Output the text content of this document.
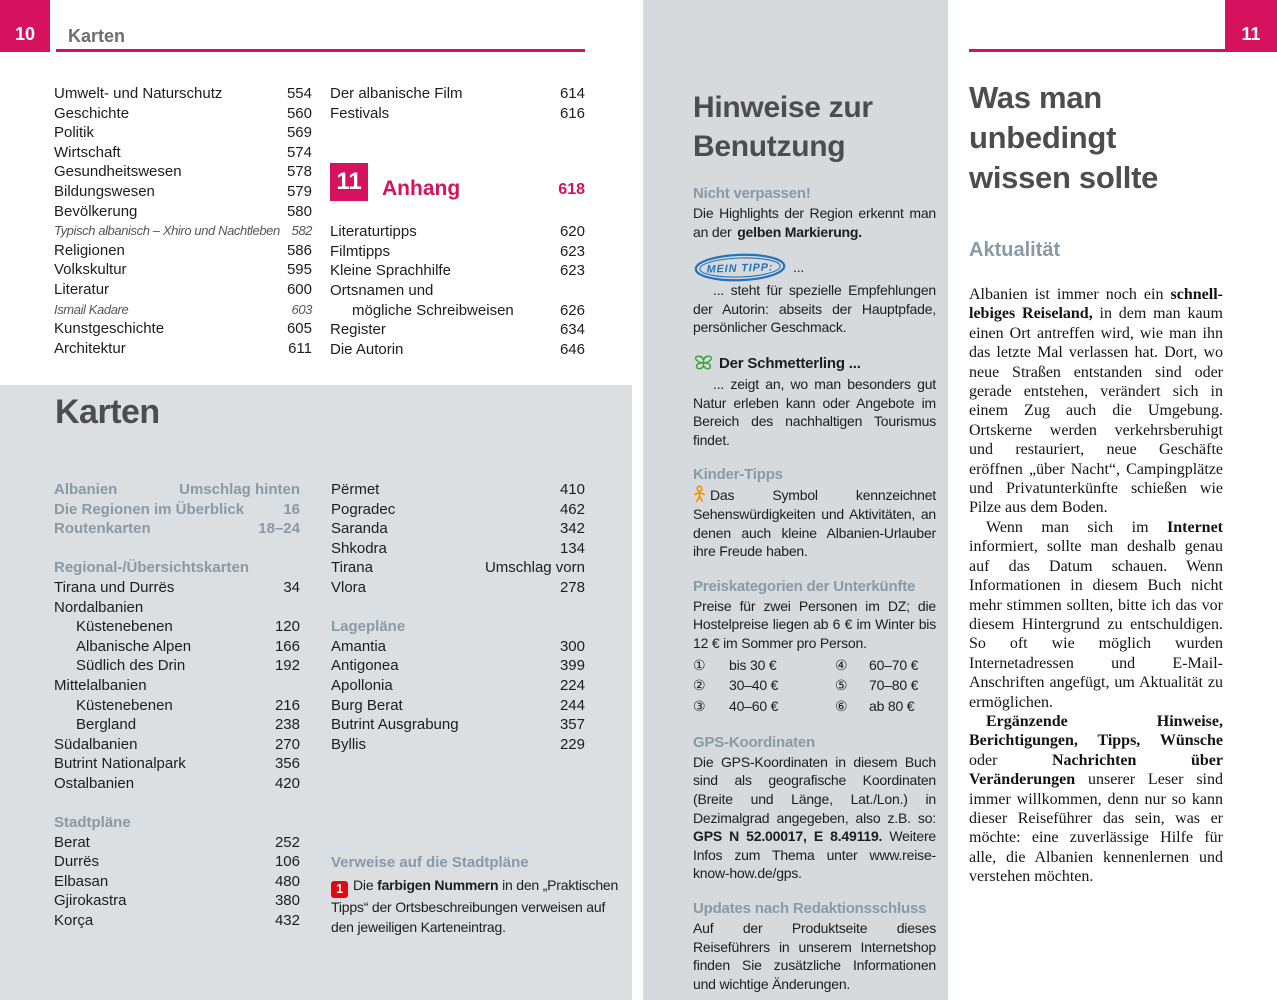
10 Karten
Umwelt- und Naturschutz	554
Geschichte	560
Politik	569
Wirtschaft	574
Gesundheitswesen	578
Bildungswesen	579
Bevölkerung	580
Typisch albanisch – Xhiro und Nachtleben 582
Religionen	586
Volkskultur	595
Literatur	600
Ismail Kadare	603
Kunstgeschichte	605
Architektur	611
Der albanische Film	614
Festivals	616
11 Anhang	618
Literaturtipps	620
Filmtipps	623
Kleine Sprachhilfe	623
Ortsnamen und
mögliche Schreibweisen	626
Register	634
Die Autorin	646
Karten
Albanien	Umschlag hinten
Die Regionen im Überblick	16
Routenkarten	18–24
Regional-/Übersichtskarten
Tirana und Durrës	34
Nordalbanien
Küstenebenen	120
Albanische Alpen	166
Südlich des Drin	192
Mittelalbanien
Küstenebenen	216
Bergland	238
Südalbanien	270
Butrint Nationalpark	356
Ostalbanien	420
Stadtpläne
Berat	252
Durrës	106
Elbasan	480
Gjirokastra	380
Korça	432
Përmet	410
Pogradec	462
Saranda	342
Shkodra	134
Tirana	Umschlag vorn
Vlora	278
Lagepläne
Amantia	300
Antigonea	399
Apollonia	224
Burg Berat	244
Butrint Ausgrabung	357
Byllis	229
Verweise auf die Stadtpläne

1 Die farbigen Nummern in den „Praktischen Tipps“ der Ortsbeschreibungen verweisen auf den jeweiligen Karteneintrag.

Hinweise zur
Benutzung
Nicht verpassen!
Die Highlights der Region erkennt man an der gelben Markierung.
MEIN TIPP: ...

... steht für spezielle Empfehlungen der Autorin: abseits der Hauptpfade, persönlicher Geschmack.

Der Schmetterling ...

... zeigt an, wo man besonders gut Natur erleben kann oder Angebote im Bereich des nachhaltigen Tourismus findet.

Kinder-Tipps

Das Symbol kennzeichnet Sehenswürdigkeiten und Aktivitäten, an denen auch kleine Albanien-Urlauber ihre Freude haben.

Preiskategorien der Unterkünfte

Preise für zwei Personen im DZ; die Hostelpreise liegen ab 6 € im Winter bis 12 € im Sommer pro Person.

①	bis 30 €	④	60–70 €
②	30–40 €	⑤	70–80 €
③	40–60 €	⑥	ab 80 €
GPS-Koordinaten

Die GPS-Koordinaten in diesem Buch sind als geografische Koordinaten (Breite und Länge, Lat./Lon.) in Dezimalgrad angegeben, also z.B. so: GPS N 52.00017, E 8.49119. Weitere Infos zum Thema unter www.reise-know-how.de/gps.

Updates nach Redaktionsschluss

Auf der Produktseite dieses Reiseführers in unserem Internetshop finden Sie zusätzliche Informationen und wichtige Änderungen.

11
Was man
unbedingt
wissen sollte
Aktualität

Albanien ist immer noch ein schnelllebiges Reiseland, in dem man kaum einen Ort antreffen wird, wie man ihn das letzte Mal verlassen hat. Dort, wo neue Straßen entstanden sind oder gerade entstehen, verändert sich in einem Zug auch die Umgebung. Ortskerne werden verkehrsberuhigt und restauriert, neue Geschäfte eröffnen „über Nacht“, Campingplätze und Privatunterkünfte schießen wie Pilze aus dem Boden.

Wenn man sich im Internet informiert, sollte man deshalb genau auf das Datum schauen. Wenn Informationen in diesem Buch nicht mehr stimmen sollten, bitte ich das vor diesem Hintergrund zu entschuldigen. So oft wie möglich wurden Internetadressen und E-Mail-Anschriften angefügt, um Aktualität zu ermöglichen.

Ergänzende Hinweise, Berichtigungen, Tipps, Wünsche oder Nachrichten über Veränderungen unserer Leser sind immer willkommen, denn nur so kann dieser Reiseführer das sein, was er möchte: eine zuverlässige Hilfe für alle, die Albanien kennenlernen und verstehen möchten.
